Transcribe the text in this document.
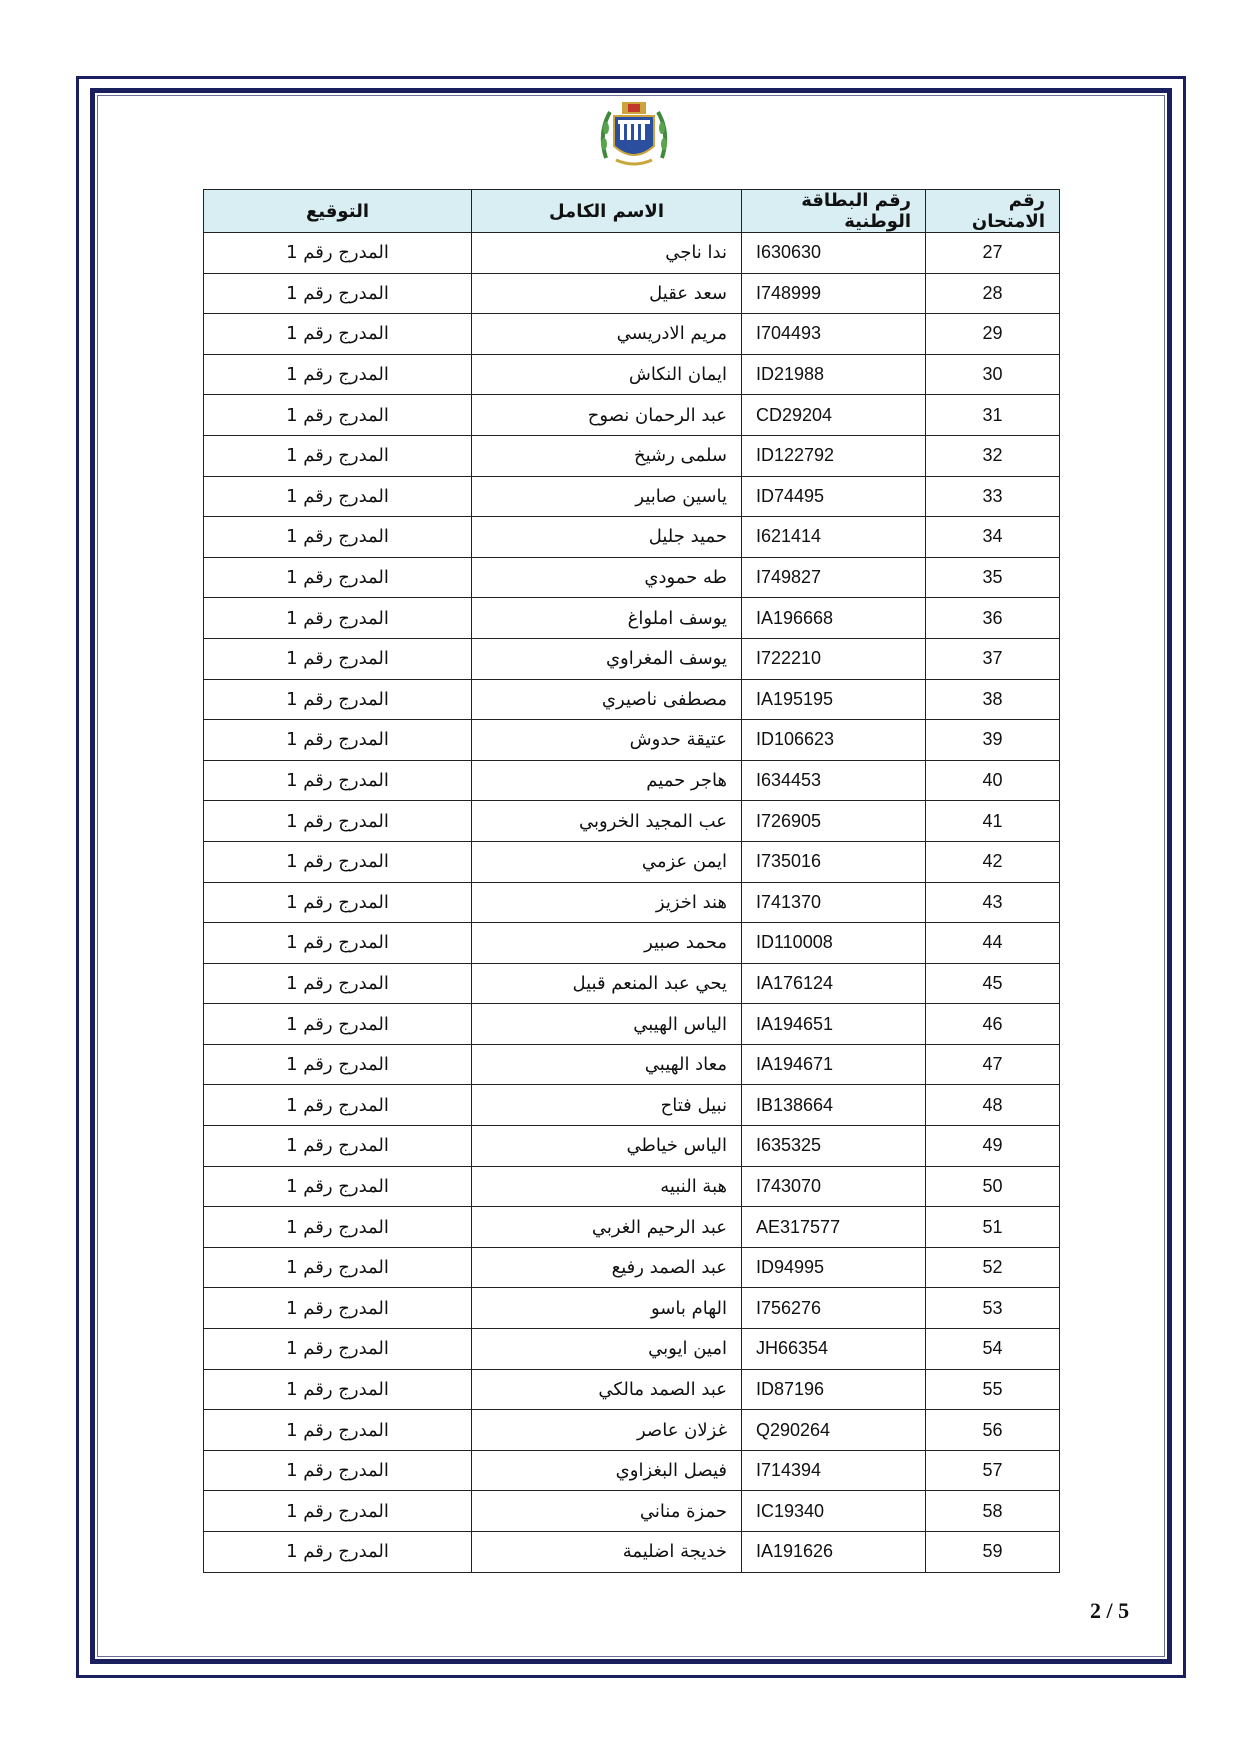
رقم الامتحان	رقم البطاقة الوطنية	الاسم الكامل	التوقيع
27	I630630	ندا ناجي	المدرج رقم 1
28	I748999	سعد عقيل	المدرج رقم 1
29	I704493	مريم الادريسي	المدرج رقم 1
30	ID21988	ايمان النكاش	المدرج رقم 1
31	CD29204	عبد الرحمان نصوح	المدرج رقم 1
32	ID122792	سلمى رشيخ	المدرج رقم 1
33	ID74495	ياسين صابير	المدرج رقم 1
34	I621414	حميد جليل	المدرج رقم 1
35	I749827	طه حمودي	المدرج رقم 1
36	IA196668	يوسف املواغ	المدرج رقم 1
37	I722210	يوسف المغراوي	المدرج رقم 1
38	IA195195	مصطفى ناصيري	المدرج رقم 1
39	ID106623	عتيقة حدوش	المدرج رقم 1
40	I634453	هاجر حميم	المدرج رقم 1
41	I726905	عب المجيد الخروبي	المدرج رقم 1
42	I735016	ايمن عزمي	المدرج رقم 1
43	I741370	هند اخزيز	المدرج رقم 1
44	ID110008	محمد صبير	المدرج رقم 1
45	IA176124	يحي عبد المنعم قبيل	المدرج رقم 1
46	IA194651	الياس الهيبي	المدرج رقم 1
47	IA194671	معاد الهيبي	المدرج رقم 1
48	IB138664	نبيل فتاح	المدرج رقم 1
49	I635325	الياس خياطي	المدرج رقم 1
50	I743070	هبة النبيه	المدرج رقم 1
51	AE317577	عبد الرحيم الغربي	المدرج رقم 1
52	ID94995	عبد الصمد رفيع	المدرج رقم 1
53	I756276	الهام باسو	المدرج رقم 1
54	JH66354	امين ايوبي	المدرج رقم 1
55	ID87196	عبد الصمد مالكي	المدرج رقم 1
56	Q290264	غزلان عاصر	المدرج رقم 1
57	I714394	فيصل البغزاوي	المدرج رقم 1
58	IC19340	حمزة مناني	المدرج رقم 1
59	IA191626	خديجة اضليمة	المدرج رقم 1
2 / 5
